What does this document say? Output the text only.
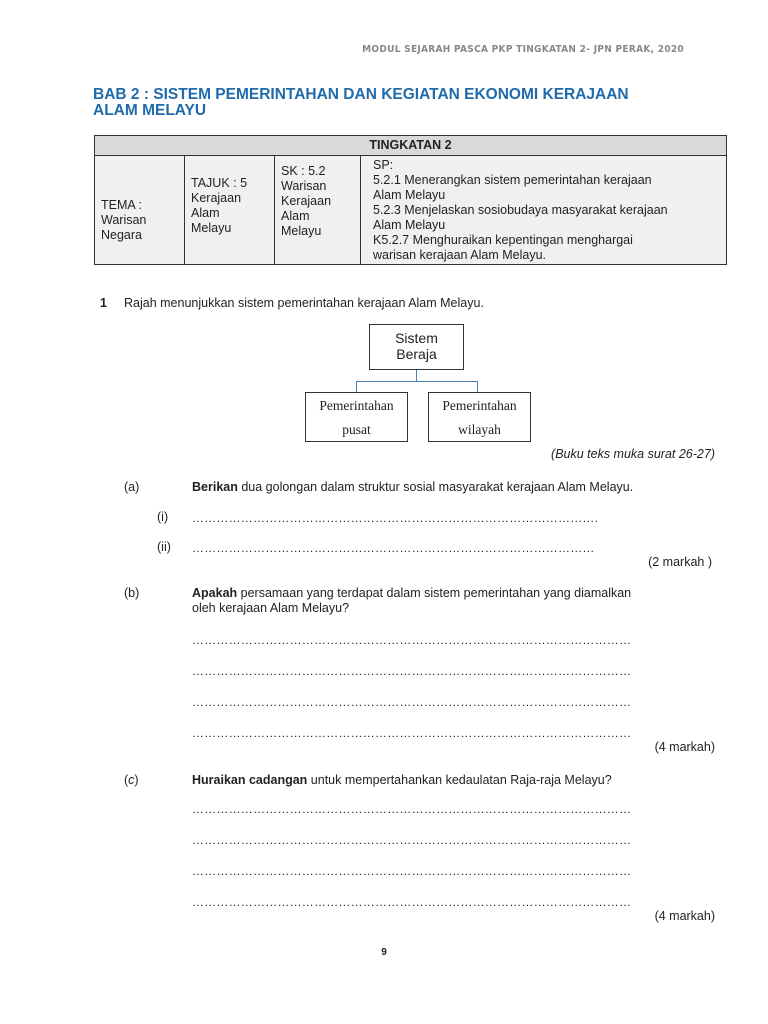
MODUL SEJARAH PASCA PKP TINGKATAN 2- JPN PERAK, 2020
BAB 2 : SISTEM PEMERINTAHAN DAN KEGIATAN EKONOMI KERAJAAN
ALAM MELAYU
TINGKATAN 2

TEMA :
Warisan
Negara

TAJUK : 5
Kerajaan
Alam
Melayu

SK : 5.2
Warisan
Kerajaan
Alam
Melayu

SP:
5.2.1 Menerangkan sistem pemerintahan kerajaan
Alam Melayu
5.2.3 Menjelaskan sosiobudaya masyarakat kerajaan
Alam Melayu
K5.2.7 Menghuraikan kepentingan menghargai
warisan kerajaan Alam Melayu.
1 Rajah menunjukkan sistem pemerintahan kerajaan Alam Melayu.
Sistem
Beraja
Pemerintahan
pusat
Pemerintahan
wilayah
(Buku teks muka surat 26-27)
(a)	Berikan dua golongan dalam struktur sosial masyarakat kerajaan Alam Melayu.
(i) ……………………………………………………………………………………….
(ii) ………………………………………………………………………………………
(2 markah )
(b)	Apakah persamaan yang terdapat dalam sistem pemerintahan yang diamalkan
oleh kerajaan Alam Melayu?
………………………………………………………………………………………………
………………………………………………………………………………………………
………………………………………………………………………………………………
………………………………………………………………………………………………
(4 markah)
(c)	Huraikan cadangan untuk mempertahankan kedaulatan Raja-raja Melayu?
………………………………………………………………………………………………
………………………………………………………………………………………………
………………………………………………………………………………………………
………………………………………………………………………………………………
(4 markah)
9
